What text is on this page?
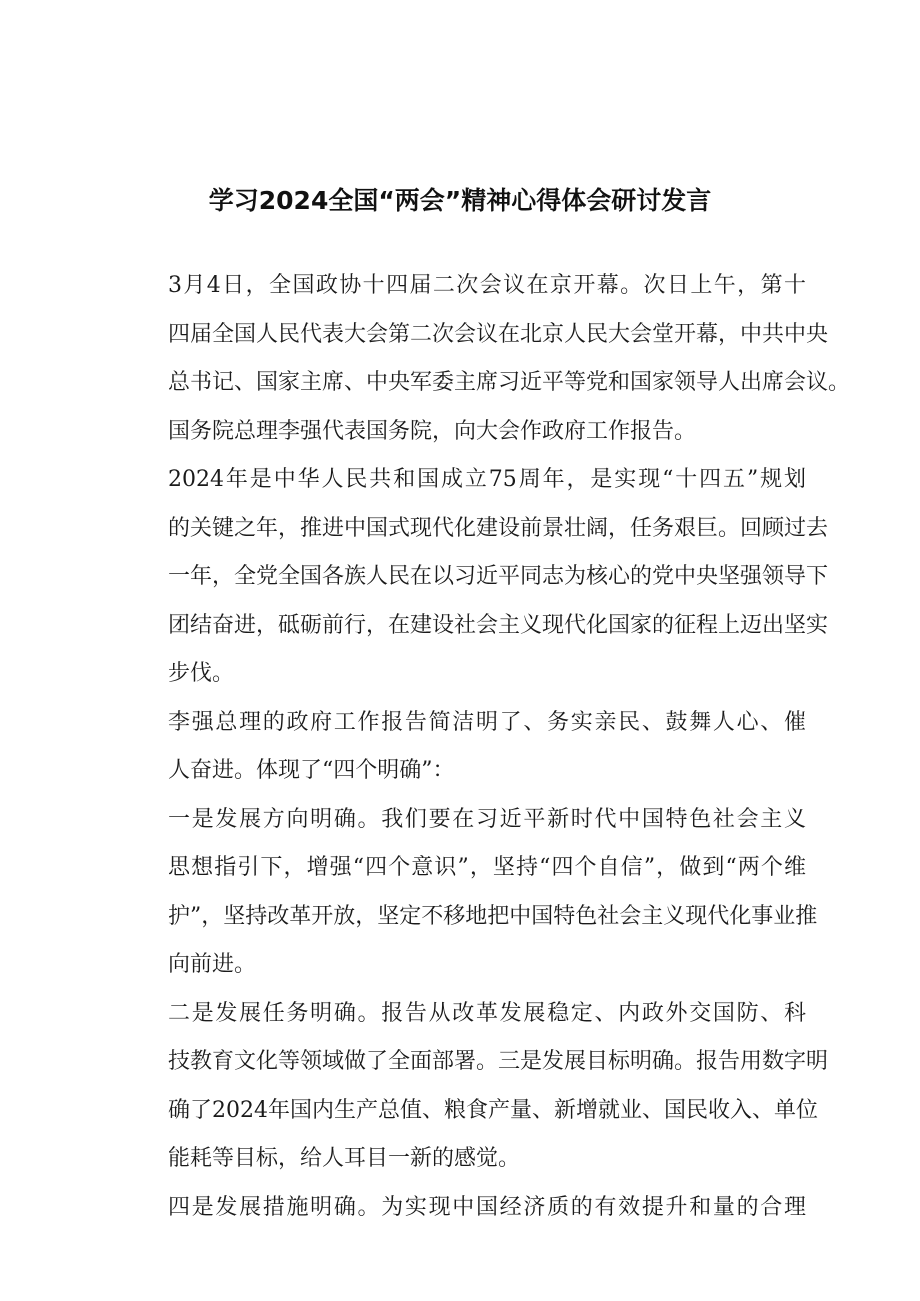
学习2024全国“两会”精神心得体会研讨发言

3月4日，全国政协十四届二次会议在京开幕。次日上午，第十
四届全国人民代表大会第二次会议在北京人民大会堂开幕，中共中央
总书记、国家主席、中央军委主席习近平等党和国家领导人出席会议。
国务院总理李强代表国务院，向大会作政府工作报告。

2024年是中华人民共和国成立75周年，是实现“十四五”规划
的关键之年，推进中国式现代化建设前景壮阔，任务艰巨。回顾过去
一年，全党全国各族人民在以习近平同志为核心的党中央坚强领导下
团结奋进，砥砺前行，在建设社会主义现代化国家的征程上迈出坚实
步伐。

李强总理的政府工作报告简洁明了、务实亲民、鼓舞人心、催
人奋进。体现了“四个明确”：

一是发展方向明确。我们要在习近平新时代中国特色社会主义
思想指引下，增强“四个意识”，坚持“四个自信”，做到“两个维
护”，坚持改革开放，坚定不移地把中国特色社会主义现代化事业推
向前进。

二是发展任务明确。报告从改革发展稳定、内政外交国防、科
技教育文化等领域做了全面部署。三是发展目标明确。报告用数字明
确了2024年国内生产总值、粮食产量、新增就业、国民收入、单位
能耗等目标，给人耳目一新的感觉。

四是发展措施明确。为实现中国经济质的有效提升和量的合理
